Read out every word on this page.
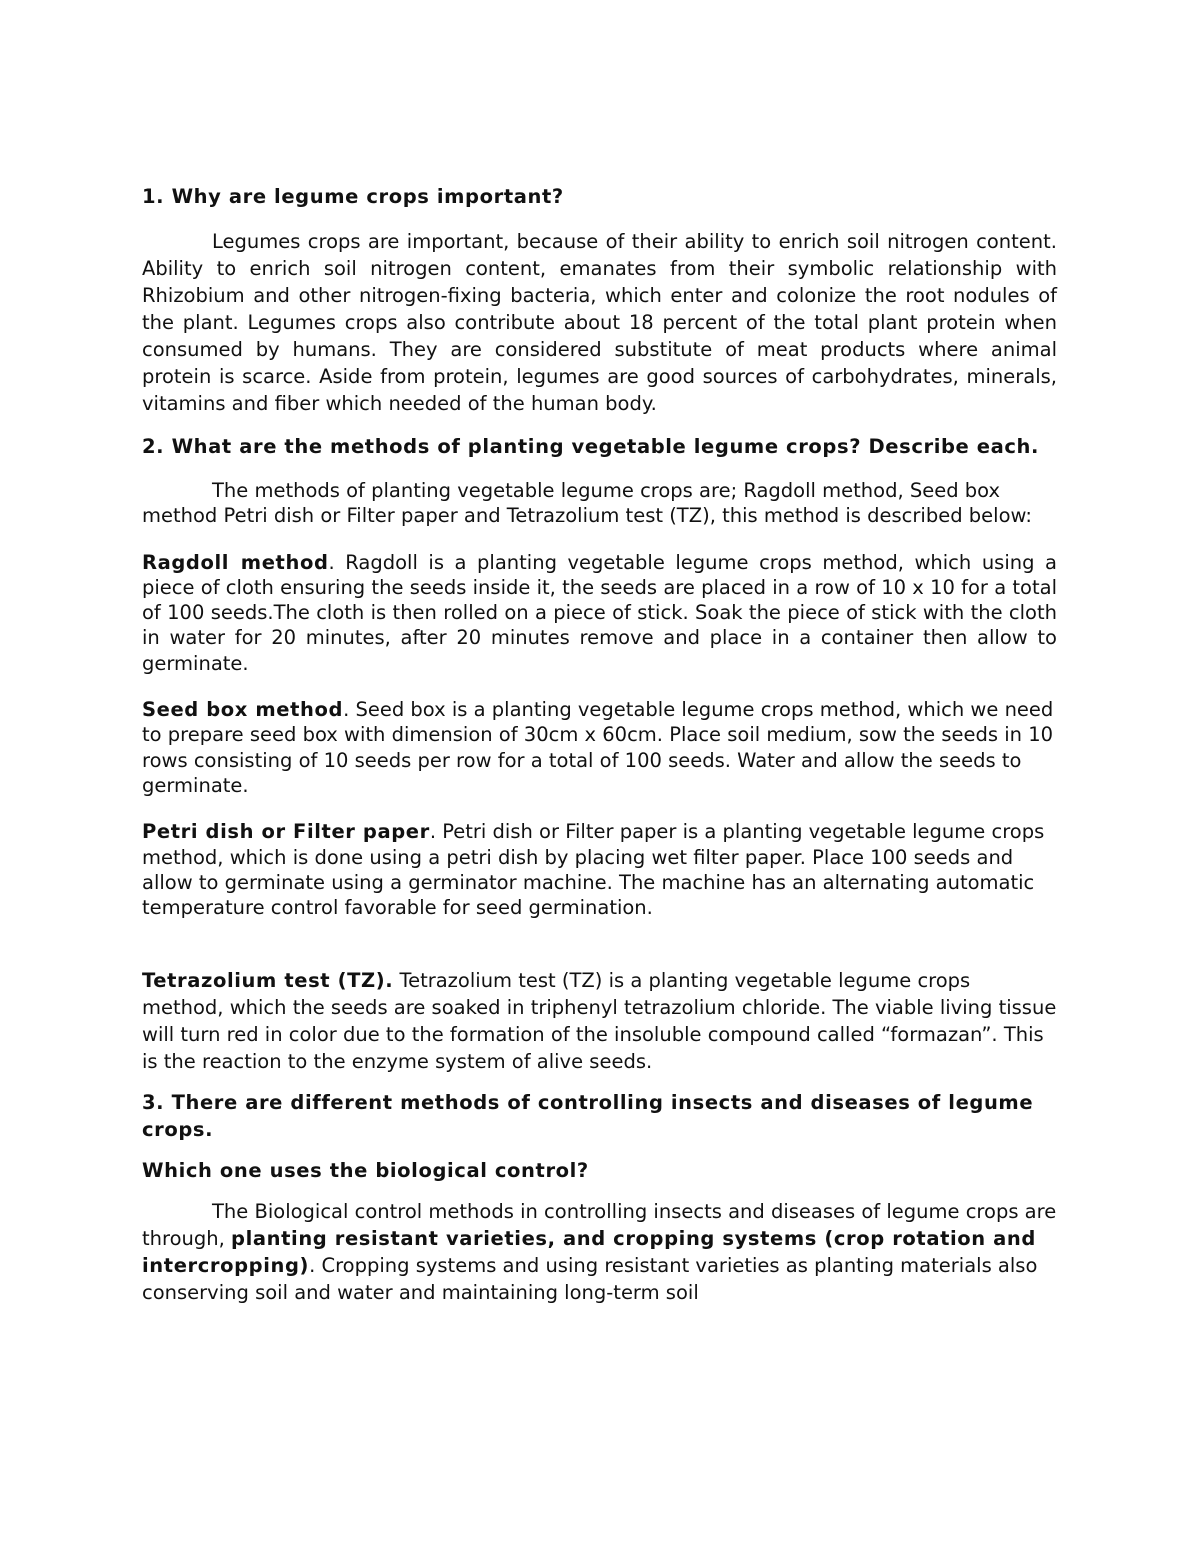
1. Why are legume crops important?

Legumes crops are important, because of their ability to enrich soil nitrogen content. Ability to enrich soil nitrogen content, emanates from their symbolic relationship with Rhizobium and other nitrogen-fixing bacteria, which enter and colonize the root nodules of the plant. Legumes crops also contribute about 18 percent of the total plant protein when consumed by humans. They are considered substitute of meat products where animal protein is scarce. Aside from protein, legumes are good sources of carbohydrates, minerals, vitamins and fiber which needed of the human body.

2. What are the methods of planting vegetable legume crops? Describe each.

The methods of planting vegetable legume crops are; Ragdoll method, Seed box method Petri dish or Filter paper and Tetrazolium test (TZ), this method is described below:

Ragdoll method. Ragdoll is a planting vegetable legume crops method, which using a piece of cloth ensuring the seeds inside it, the seeds are placed in a row of 10 x 10 for a total of 100 seeds.The cloth is then rolled on a piece of stick. Soak the piece of stick with the cloth in water for 20 minutes, after 20 minutes remove and place in a container then allow to germinate.

Seed box method. Seed box is a planting vegetable legume crops method, which we need to prepare seed box with dimension of 30cm x 60cm. Place soil medium, sow the seeds in 10 rows consisting of 10 seeds per row for a total of 100 seeds. Water and allow the seeds to germinate.

Petri dish or Filter paper. Petri dish or Filter paper is a planting vegetable legume crops method, which is done using a petri dish by placing wet filter paper. Place 100 seeds and allow to germinate using a germinator machine. The machine has an alternating automatic temperature control favorable for seed germination.

Tetrazolium test (TZ). Tetrazolium test (TZ) is a planting vegetable legume crops method, which the seeds are soaked in triphenyl tetrazolium chloride. The viable living tissue will turn red in color due to the formation of the insoluble compound called “formazan”. This is the reaction to the enzyme system of alive seeds.

3. There are different methods of controlling insects and diseases of legume crops.
Which one uses the biological control?

The Biological control methods in controlling insects and diseases of legume crops are through, planting resistant varieties, and cropping systems (crop rotation and intercropping). Cropping systems and using resistant varieties as planting materials also conserving soil and water and maintaining long-term soil
